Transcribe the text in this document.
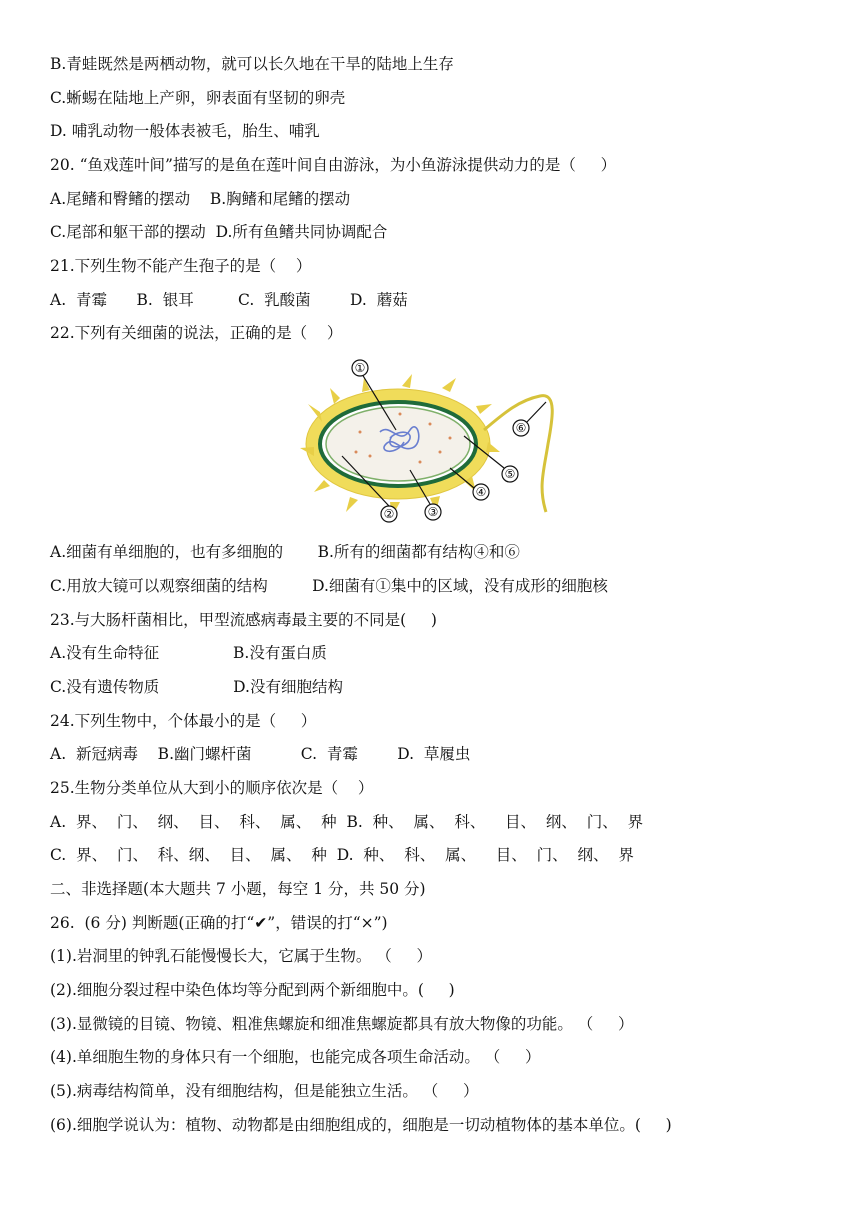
B.青蛙既然是两栖动物，就可以长久地在干旱的陆地上生存
C.蜥蜴在陆地上产卵，卵表面有坚韧的卵壳
D. 哺乳动物一般体表被毛，胎生、哺乳
20. “鱼戏莲叶间”描写的是鱼在莲叶间自由游泳，为小鱼游泳提供动力的是（     ）
A.尾鳍和臀鳍的摆动    B.胸鳍和尾鳍的摆动
C.尾部和躯干部的摆动  D.所有鱼鳍共同协调配合
21.下列生物不能产生孢子的是（    ）
A.  青霉      B.  银耳         C.  乳酸菌        D.  蘑菇
22.下列有关细菌的说法，正确的是（    ）
①
②	③
④
⑤
⑥
A.细菌有单细胞的，也有多细胞的       B.所有的细菌都有结构④和⑥
C.用放大镜可以观察细菌的结构         D.细菌有①集中的区域，没有成形的细胞核
23.与大肠杆菌相比，甲型流感病毒最主要的不同是(     )
A.没有生命特征               B.没有蛋白质
C.没有遗传物质               D.没有细胞结构
24.下列生物中，个体最小的是（     ）
A.  新冠病毒    B.幽门螺杆菌          C.  青霉        D.  草履虫
25.生物分类单位从大到小的顺序依次是（    ）
A.  界、  门、  纲、  目、  科、  属、  种  B.  种、  属、  科、    目、  纲、  门、  界
C.  界、  门、  科、纲、  目、  属、  种  D.  种、  科、  属、    目、  门、  纲、  界
二、非选择题(本大题共 7 小题，每空 1 分，共 50 分)
26.  (6 分) 判断题(正确的打“✔”，错误的打“×”)
(1).岩洞里的钟乳石能慢慢长大，它属于生物。 （     ）
(2).细胞分裂过程中染色体均等分配到两个新细胞中。(     )
(3).显微镜的目镜、物镜、粗准焦螺旋和细准焦螺旋都具有放大物像的功能。 （     ）
(4).单细胞生物的身体只有一个细胞，也能完成各项生命活动。 （     ）
(5).病毒结构简单，没有细胞结构，但是能独立生活。 （     ）
(6).细胞学说认为：植物、动物都是由细胞组成的，细胞是一切动植物体的基本单位。(     )
